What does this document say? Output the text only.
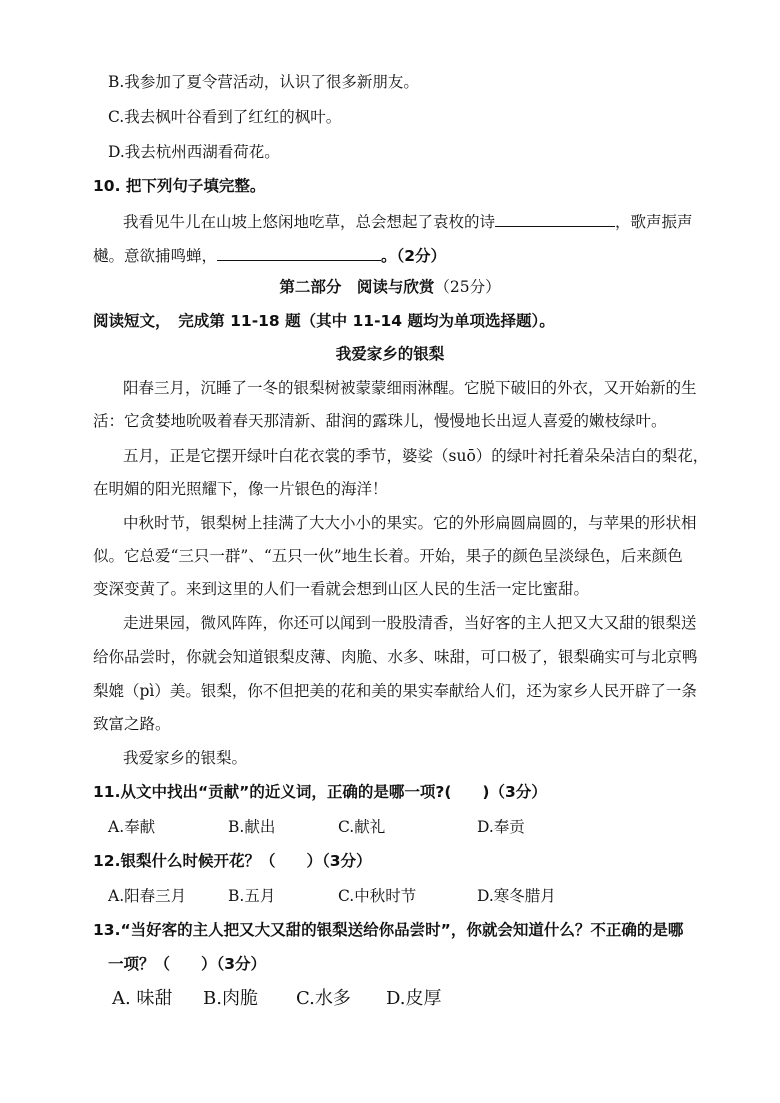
B.我参加了夏令营活动，认识了很多新朋友。
C.我去枫叶谷看到了红红的枫叶。
D.我去杭州西湖看荷花。
10. 把下列句子填完整。
我看见牛儿在山坡上悠闲地吃草，总会想起了袁枚的诗	，歌声振声
樾。意欲捕鸣蝉，	。（2分）
第二部分　阅读与欣赏（25分）
阅读短文，　完成第 11-18 题（其中 11-14 题均为单项选择题）。
我爱家乡的银梨
阳春三月，沉睡了一冬的银梨树被蒙蒙细雨淋醒。它脱下破旧的外衣，又开始新的生
活：它贪婪地吮吸着春天那清新、甜润的露珠儿，慢慢地长出逗人喜爱的嫩枝绿叶。
五月，正是它摆开绿叶白花衣裳的季节，婆娑（suō）的绿叶衬托着朵朵洁白的梨花，
在明媚的阳光照耀下，像一片银色的海洋！
中秋时节，银梨树上挂满了大大小小的果实。它的外形扁圆扁圆的，与苹果的形状相
似。它总爱“三只一群”、“五只一伙”地生长着。开始，果子的颜色呈淡绿色，后来颜色
变深变黄了。来到这里的人们一看就会想到山区人民的生活一定比蜜甜。
走进果园，微风阵阵，你还可以闻到一股股清香，当好客的主人把又大又甜的银梨送
给你品尝时，你就会知道银梨皮薄、肉脆、水多、味甜，可口极了，银梨确实可与北京鸭
梨媲（pì）美。银梨，你不但把美的花和美的果实奉献给人们，还为家乡人民开辟了一条
致富之路。
我爱家乡的银梨。
11.从文中找出“贡献”的近义词，正确的是哪一项?(　　)（3分）
A.奉献	B.献出	C.献礼	D.奉贡
12.银梨什么时候开花？（　　）（3分）
A.阳春三月	B.五月	C.中秋时节	D.寒冬腊月
13.“当好客的主人把又大又甜的银梨送给你品尝时”，你就会知道什么？不正确的是哪
一项？（　　）（3分）
A. 味甜 B.肉脆 C.水多 D.皮厚
